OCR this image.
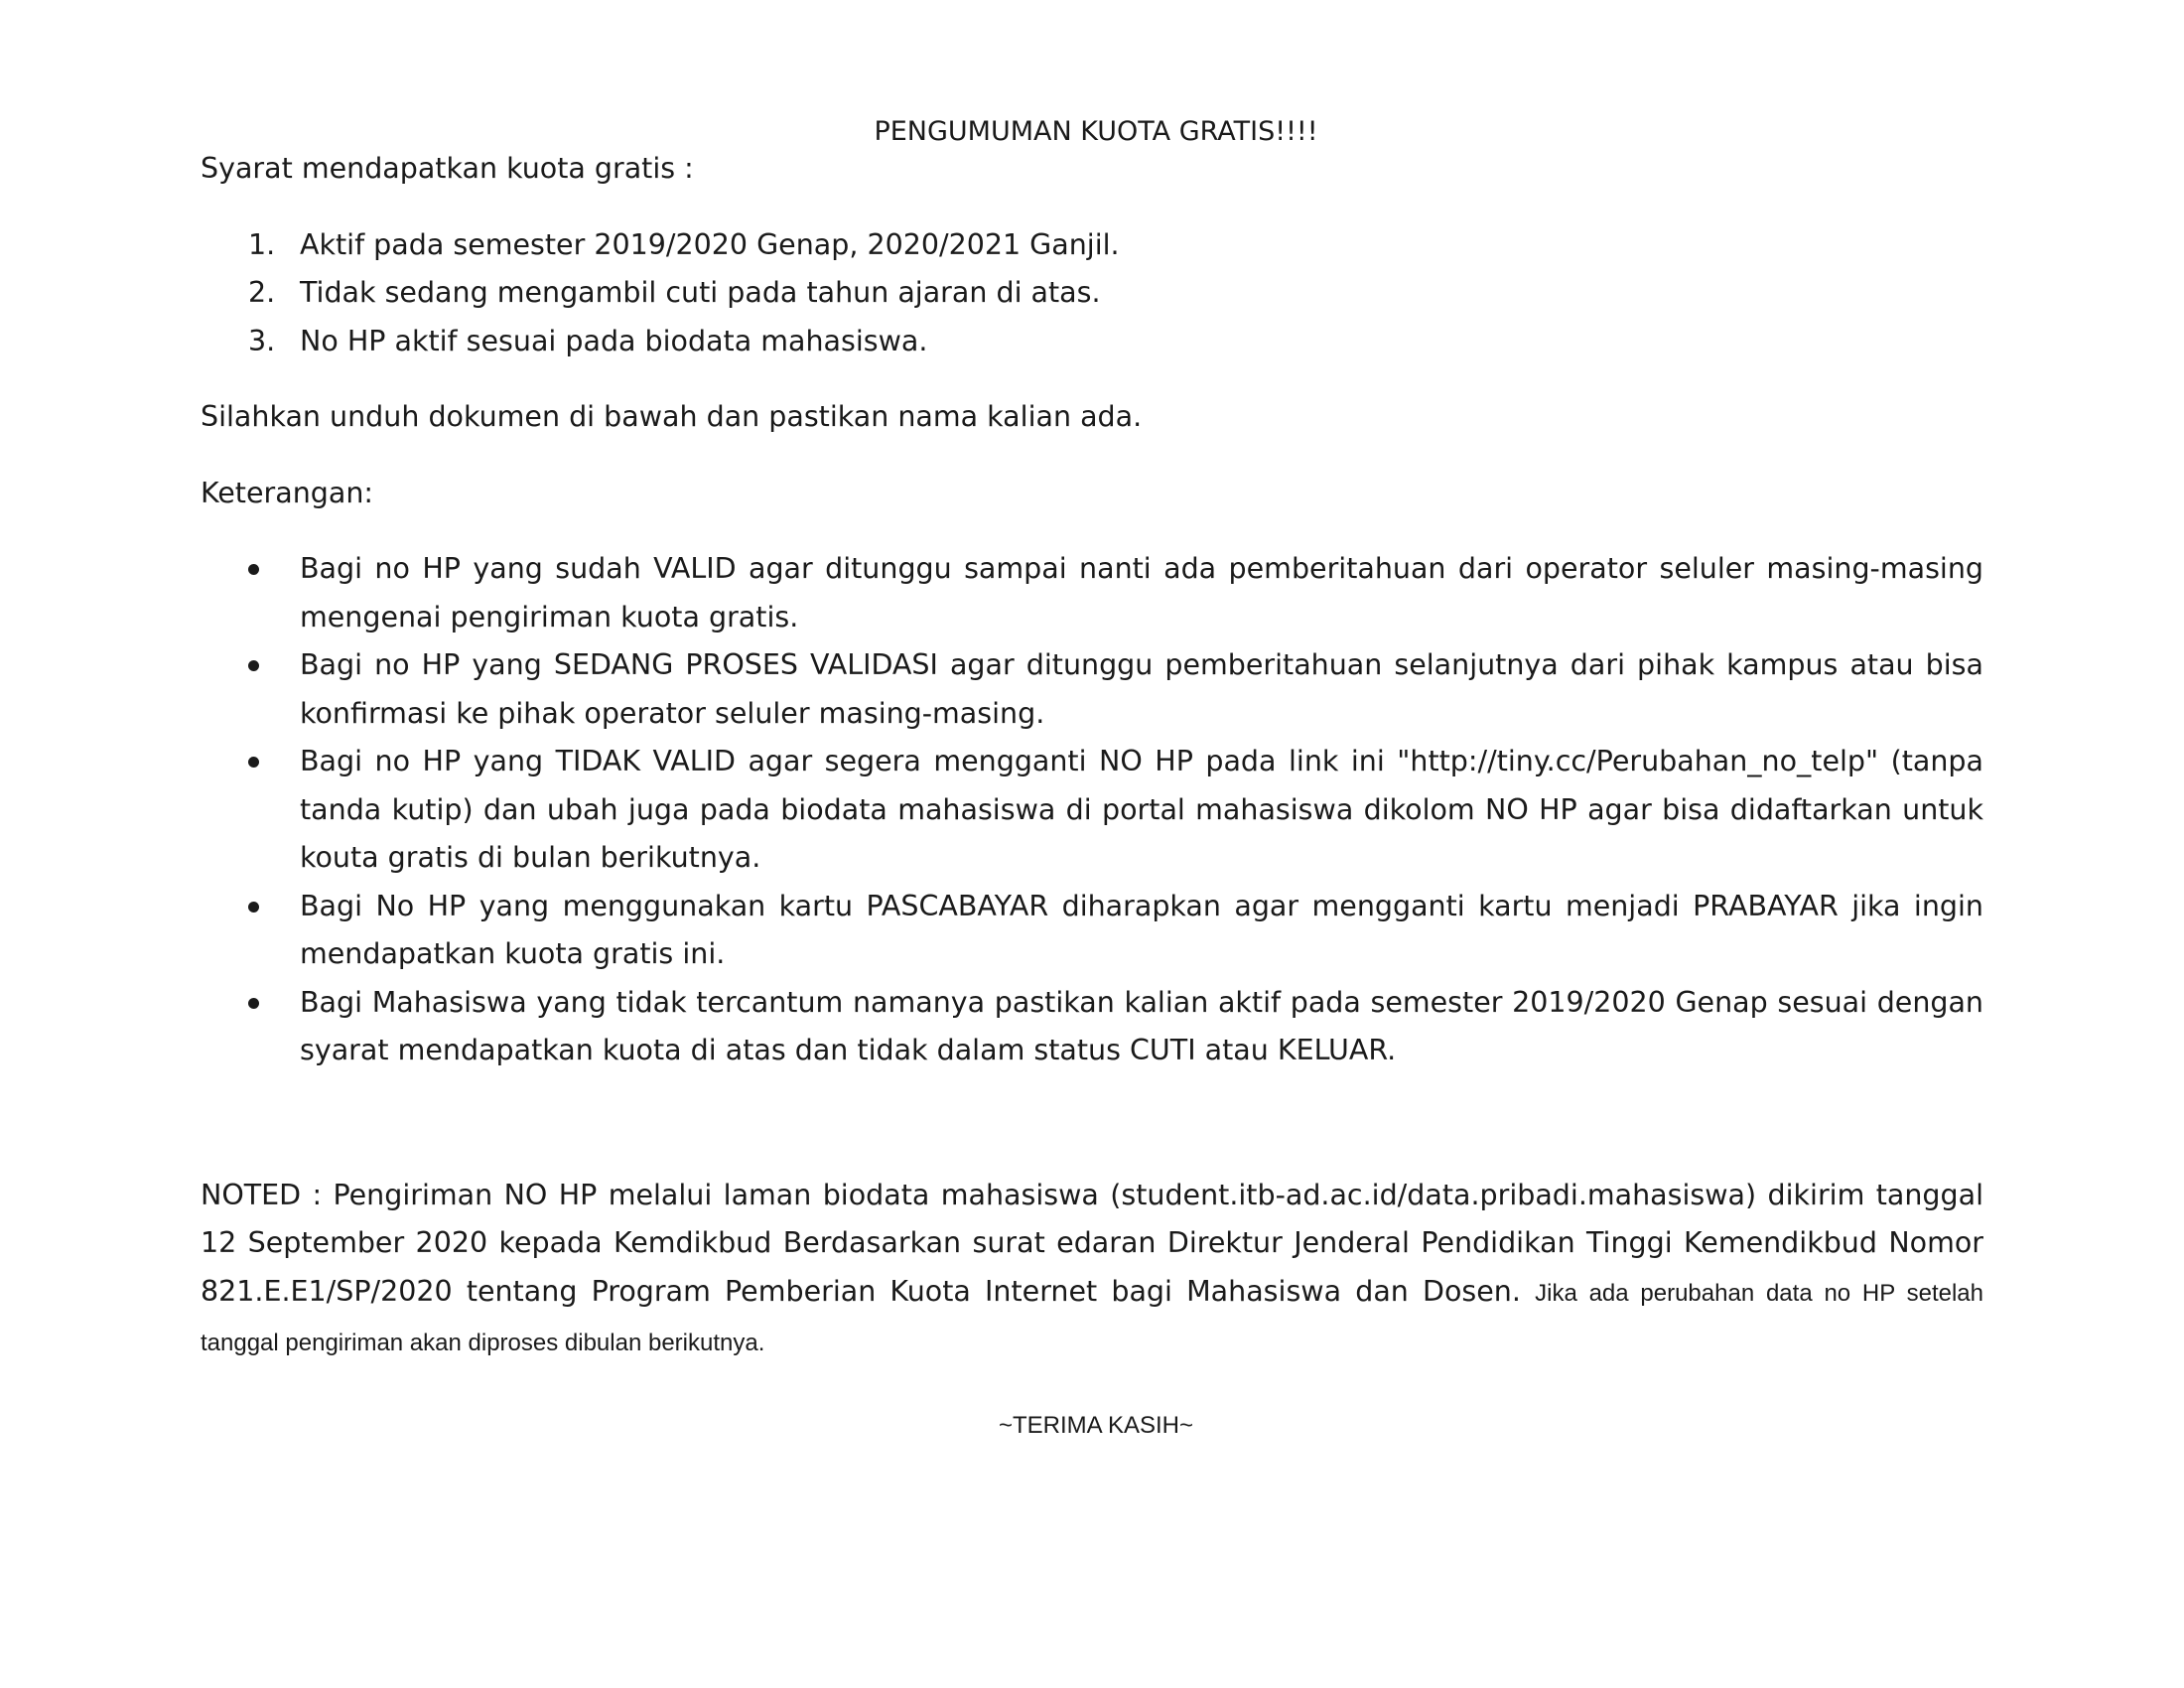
PENGUMUMAN KUOTA GRATIS!!!!

Syarat mendapatkan kuota gratis :

1. Aktif pada semester 2019/2020 Genap, 2020/2021 Ganjil.
2. Tidak sedang mengambil cuti pada tahun ajaran di atas.
3. No HP aktif sesuai pada biodata mahasiswa.

Silahkan unduh dokumen di bawah dan pastikan nama kalian ada.

Keterangan:

Bagi no HP yang sudah VALID agar ditunggu sampai nanti ada pemberitahuan dari operator seluler masing-masing mengenai pengiriman kuota gratis.
Bagi no HP yang SEDANG PROSES VALIDASI agar ditunggu pemberitahuan selanjutnya dari pihak kampus atau bisa konfirmasi ke pihak operator seluler masing-masing.
Bagi no HP yang TIDAK VALID agar segera mengganti NO HP pada link ini "http://tiny.cc/Perubahan_no_telp" (tanpa tanda kutip) dan ubah juga pada biodata mahasiswa di portal mahasiswa dikolom NO HP agar bisa didaftarkan untuk kouta gratis di bulan berikutnya.
Bagi No HP yang menggunakan kartu PASCABAYAR diharapkan agar mengganti kartu menjadi PRABAYAR jika ingin mendapatkan kuota gratis ini.
Bagi Mahasiswa yang tidak tercantum namanya pastikan kalian aktif pada semester 2019/2020 Genap sesuai dengan syarat mendapatkan kuota di atas dan tidak dalam status CUTI atau KELUAR.

NOTED : Pengiriman NO HP melalui laman biodata mahasiswa (student.itb-ad.ac.id/data.pribadi.mahasiswa) dikirim tanggal 12 September 2020 kepada Kemdikbud Berdasarkan surat edaran Direktur Jenderal Pendidikan Tinggi Kemendikbud Nomor 821.E.E1/SP/2020 tentang Program Pemberian Kuota Internet bagi Mahasiswa dan Dosen. Jika ada perubahan data no HP setelah tanggal pengiriman akan diproses dibulan berikutnya.

~TERIMA KASIH~
